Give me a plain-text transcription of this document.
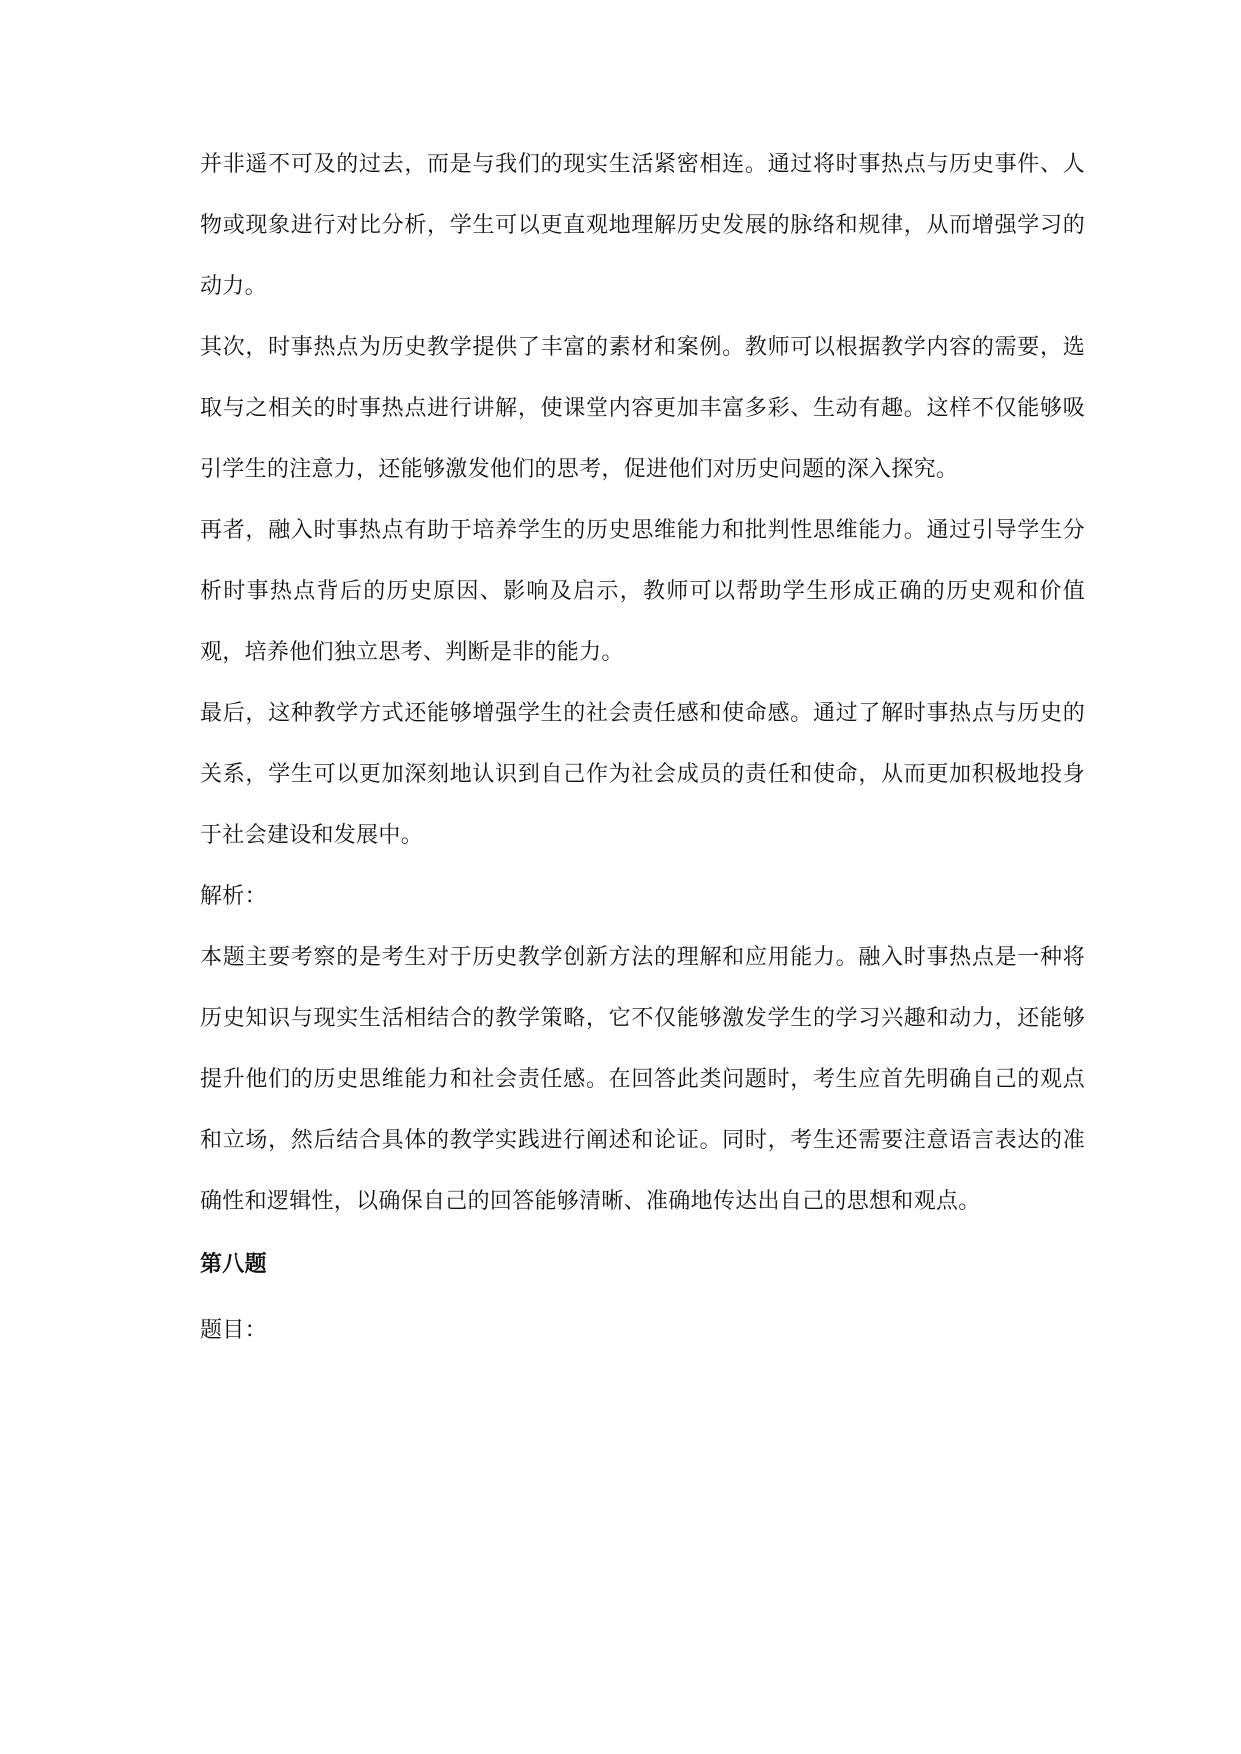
并非遥不可及的过去，而是与我们的现实生活紧密相连。通过将时事热点与历史事件、人物或现象进行对比分析，学生可以更直观地理解历史发展的脉络和规律，从而增强学习的动力。

其次，时事热点为历史教学提供了丰富的素材和案例。教师可以根据教学内容的需要，选取与之相关的时事热点进行讲解，使课堂内容更加丰富多彩、生动有趣。这样不仅能够吸引学生的注意力，还能够激发他们的思考，促进他们对历史问题的深入探究。

再者，融入时事热点有助于培养学生的历史思维能力和批判性思维能力。通过引导学生分析时事热点背后的历史原因、影响及启示，教师可以帮助学生形成正确的历史观和价值观，培养他们独立思考、判断是非的能力。

最后，这种教学方式还能够增强学生的社会责任感和使命感。通过了解时事热点与历史的关系，学生可以更加深刻地认识到自己作为社会成员的责任和使命，从而更加积极地投身于社会建设和发展中。

解析：

本题主要考察的是考生对于历史教学创新方法的理解和应用能力。融入时事热点是一种将历史知识与现实生活相结合的教学策略，它不仅能够激发学生的学习兴趣和动力，还能够提升他们的历史思维能力和社会责任感。在回答此类问题时，考生应首先明确自己的观点和立场，然后结合具体的教学实践进行阐述和论证。同时，考生还需要注意语言表达的准确性和逻辑性，以确保自己的回答能够清晰、准确地传达出自己的思想和观点。

第八题

题目：
